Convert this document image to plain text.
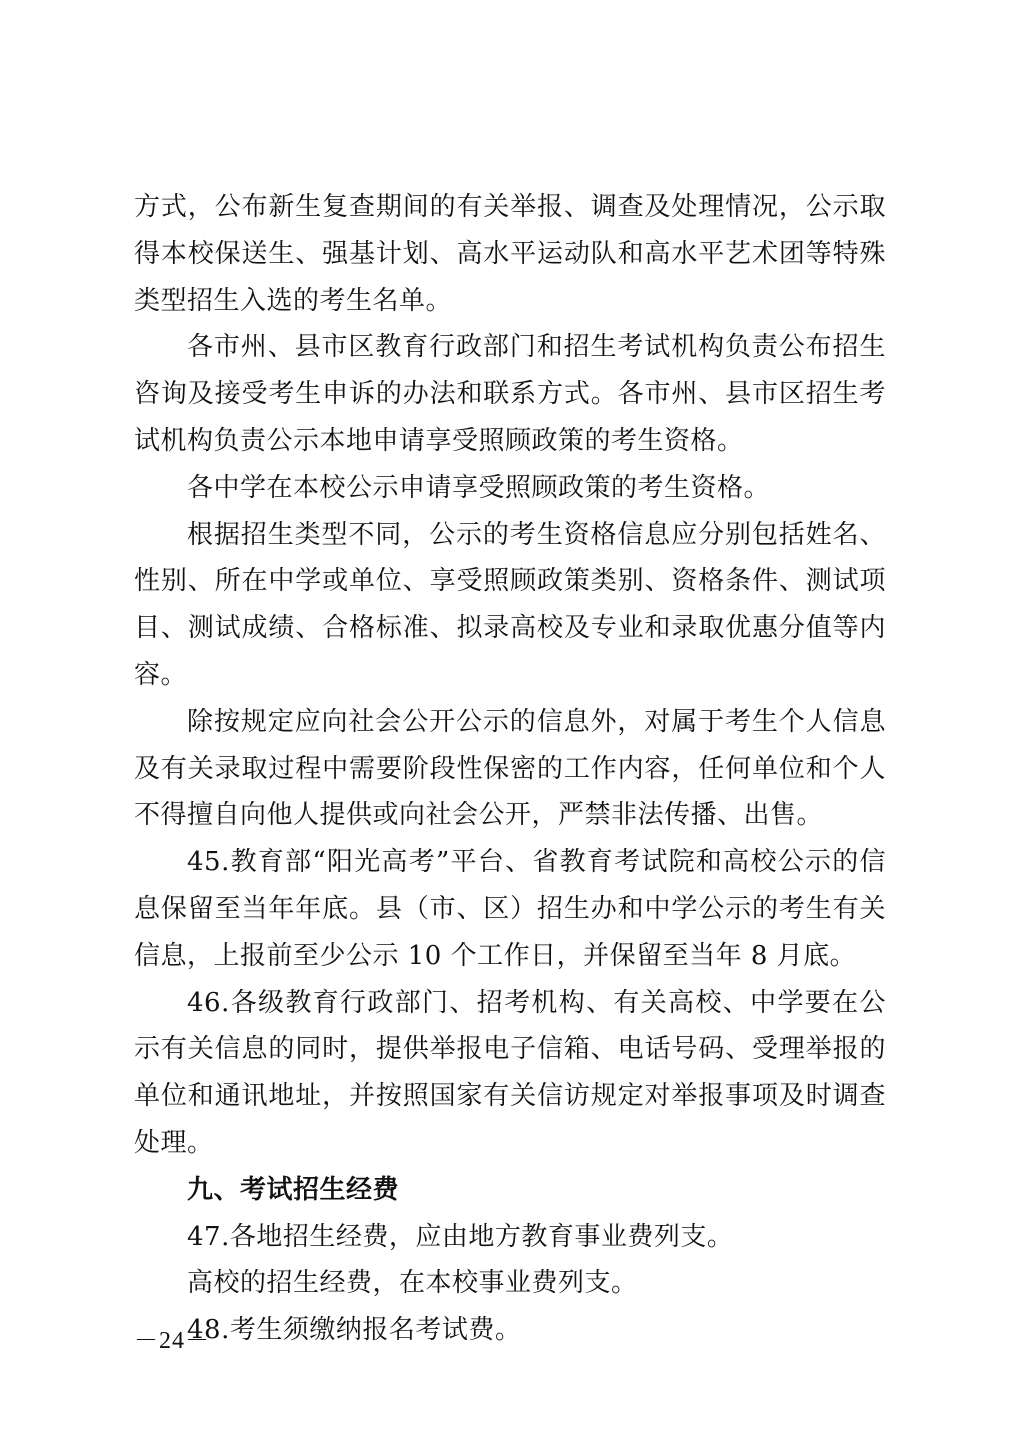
方式，公布新生复查期间的有关举报、调查及处理情况，公示取得本校保送生、强基计划、高水平运动队和高水平艺术团等特殊类型招生入选的考生名单。

各市州、县市区教育行政部门和招生考试机构负责公布招生咨询及接受考生申诉的办法和联系方式。各市州、县市区招生考试机构负责公示本地申请享受照顾政策的考生资格。

各中学在本校公示申请享受照顾政策的考生资格。

根据招生类型不同，公示的考生资格信息应分别包括姓名、性别、所在中学或单位、享受照顾政策类别、资格条件、测试项目、测试成绩、合格标准、拟录高校及专业和录取优惠分值等内容。

除按规定应向社会公开公示的信息外，对属于考生个人信息及有关录取过程中需要阶段性保密的工作内容，任何单位和个人不得擅自向他人提供或向社会公开，严禁非法传播、出售。

45.教育部“阳光高考”平台、省教育考试院和高校公示的信息保留至当年年底。县（市、区）招生办和中学公示的考生有关信息，上报前至少公示 10 个工作日，并保留至当年 8 月底。

46.各级教育行政部门、招考机构、有关高校、中学要在公示有关信息的同时，提供举报电子信箱、电话号码、受理举报的单位和通讯地址，并按照国家有关信访规定对举报事项及时调查处理。

九、考试招生经费

47.各地招生经费，应由地方教育事业费列支。

高校的招生经费，在本校事业费列支。

48.考生须缴纳报名考试费。

－24－
